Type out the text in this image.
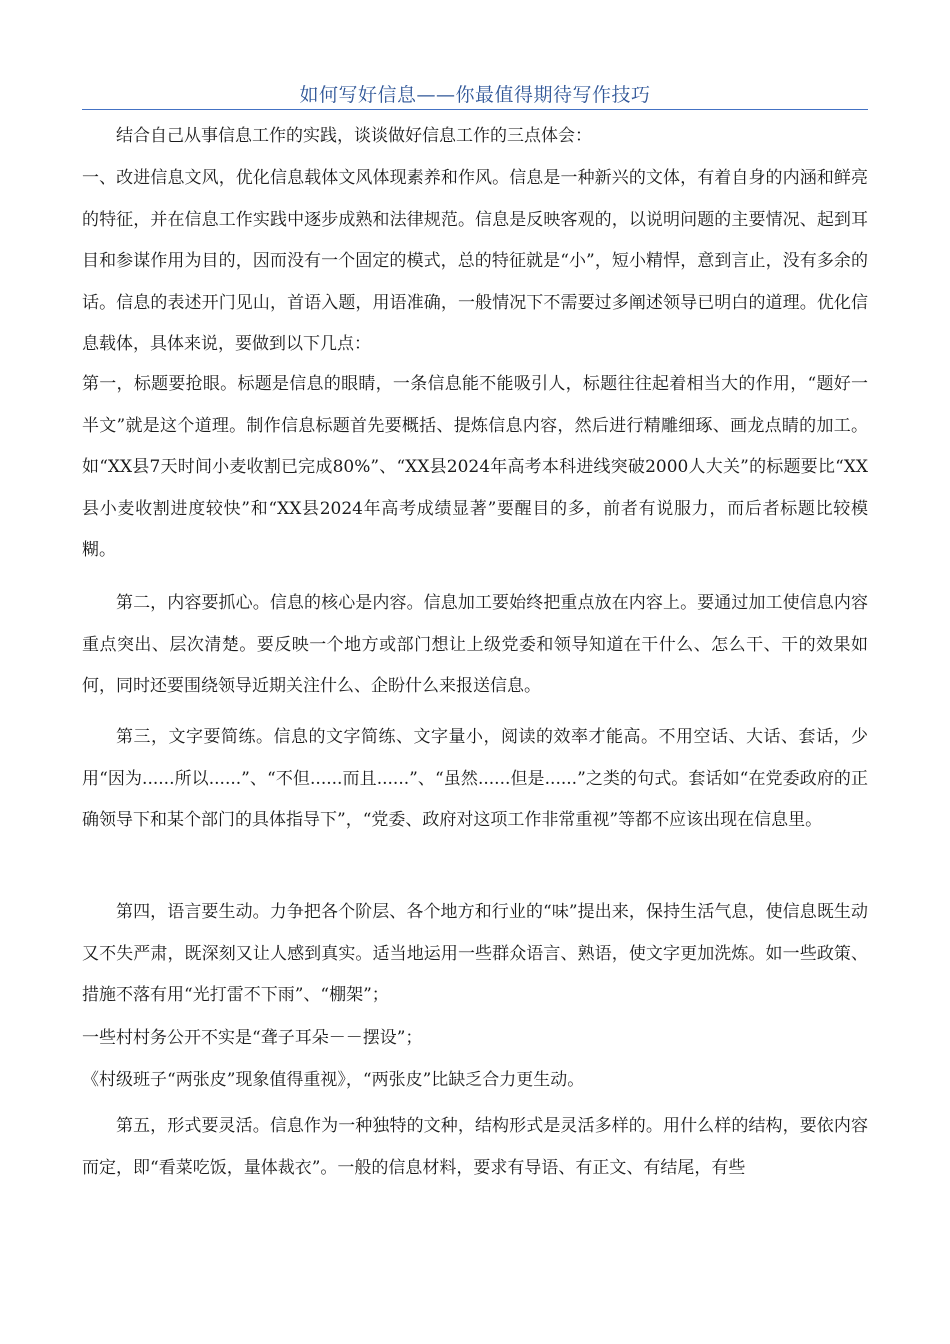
如何写好信息——你最值得期待写作技巧

结合自己从事信息工作的实践，谈谈做好信息工作的三点体会：

一、改进信息文风，优化信息载体文风体现素养和作风。信息是一种新兴的文体，有着自身的内涵和鲜亮的特征，并在信息工作实践中逐步成熟和法律规范。信息是反映客观的，以说明问题的主要情况、起到耳目和参谋作用为目的，因而没有一个固定的模式，总的特征就是“小”，短小精悍，意到言止，没有多余的话。信息的表述开门见山，首语入题，用语准确，一般情况下不需要过多阐述领导已明白的道理。优化信息载体，具体来说，要做到以下几点：

第一，标题要抢眼。标题是信息的眼睛，一条信息能不能吸引人，标题往往起着相当大的作用，“题好一半文”就是这个道理。制作信息标题首先要概括、提炼信息内容，然后进行精雕细琢、画龙点睛的加工。如“XX县7天时间小麦收割已完成80%”、“XX县2024年高考本科进线突破2000人大关”的标题要比“XX县小麦收割进度较快”和“XX县2024年高考成绩显著”要醒目的多，前者有说服力，而后者标题比较模糊。

第二，内容要抓心。信息的核心是内容。信息加工要始终把重点放在内容上。要通过加工使信息内容重点突出、层次清楚。要反映一个地方或部门想让上级党委和领导知道在干什么、怎么干、干的效果如何，同时还要围绕领导近期关注什么、企盼什么来报送信息。

第三，文字要简练。信息的文字简练、文字量小，阅读的效率才能高。不用空话、大话、套话，少用“因为......所以......”、“不但......而且......”、“虽然......但是......”之类的句式。套话如“在党委政府的正确领导下和某个部门的具体指导下”，“党委、政府对这项工作非常重视”等都不应该出现在信息里。

第四，语言要生动。力争把各个阶层、各个地方和行业的“味”提出来，保持生活气息，使信息既生动又不失严肃，既深刻又让人感到真实。适当地运用一些群众语言、熟语，使文字更加洗炼。如一些政策、措施不落有用“光打雷不下雨”、“棚架”；

一些村村务公开不实是“聋子耳朵－－摆设”；

《村级班子“两张皮”现象值得重视》，“两张皮”比缺乏合力更生动。

第五，形式要灵活。信息作为一种独特的文种，结构形式是灵活多样的。用什么样的结构，要依内容而定，即“看菜吃饭，量体裁衣”。一般的信息材料，要求有导语、有正文、有结尾，有些
